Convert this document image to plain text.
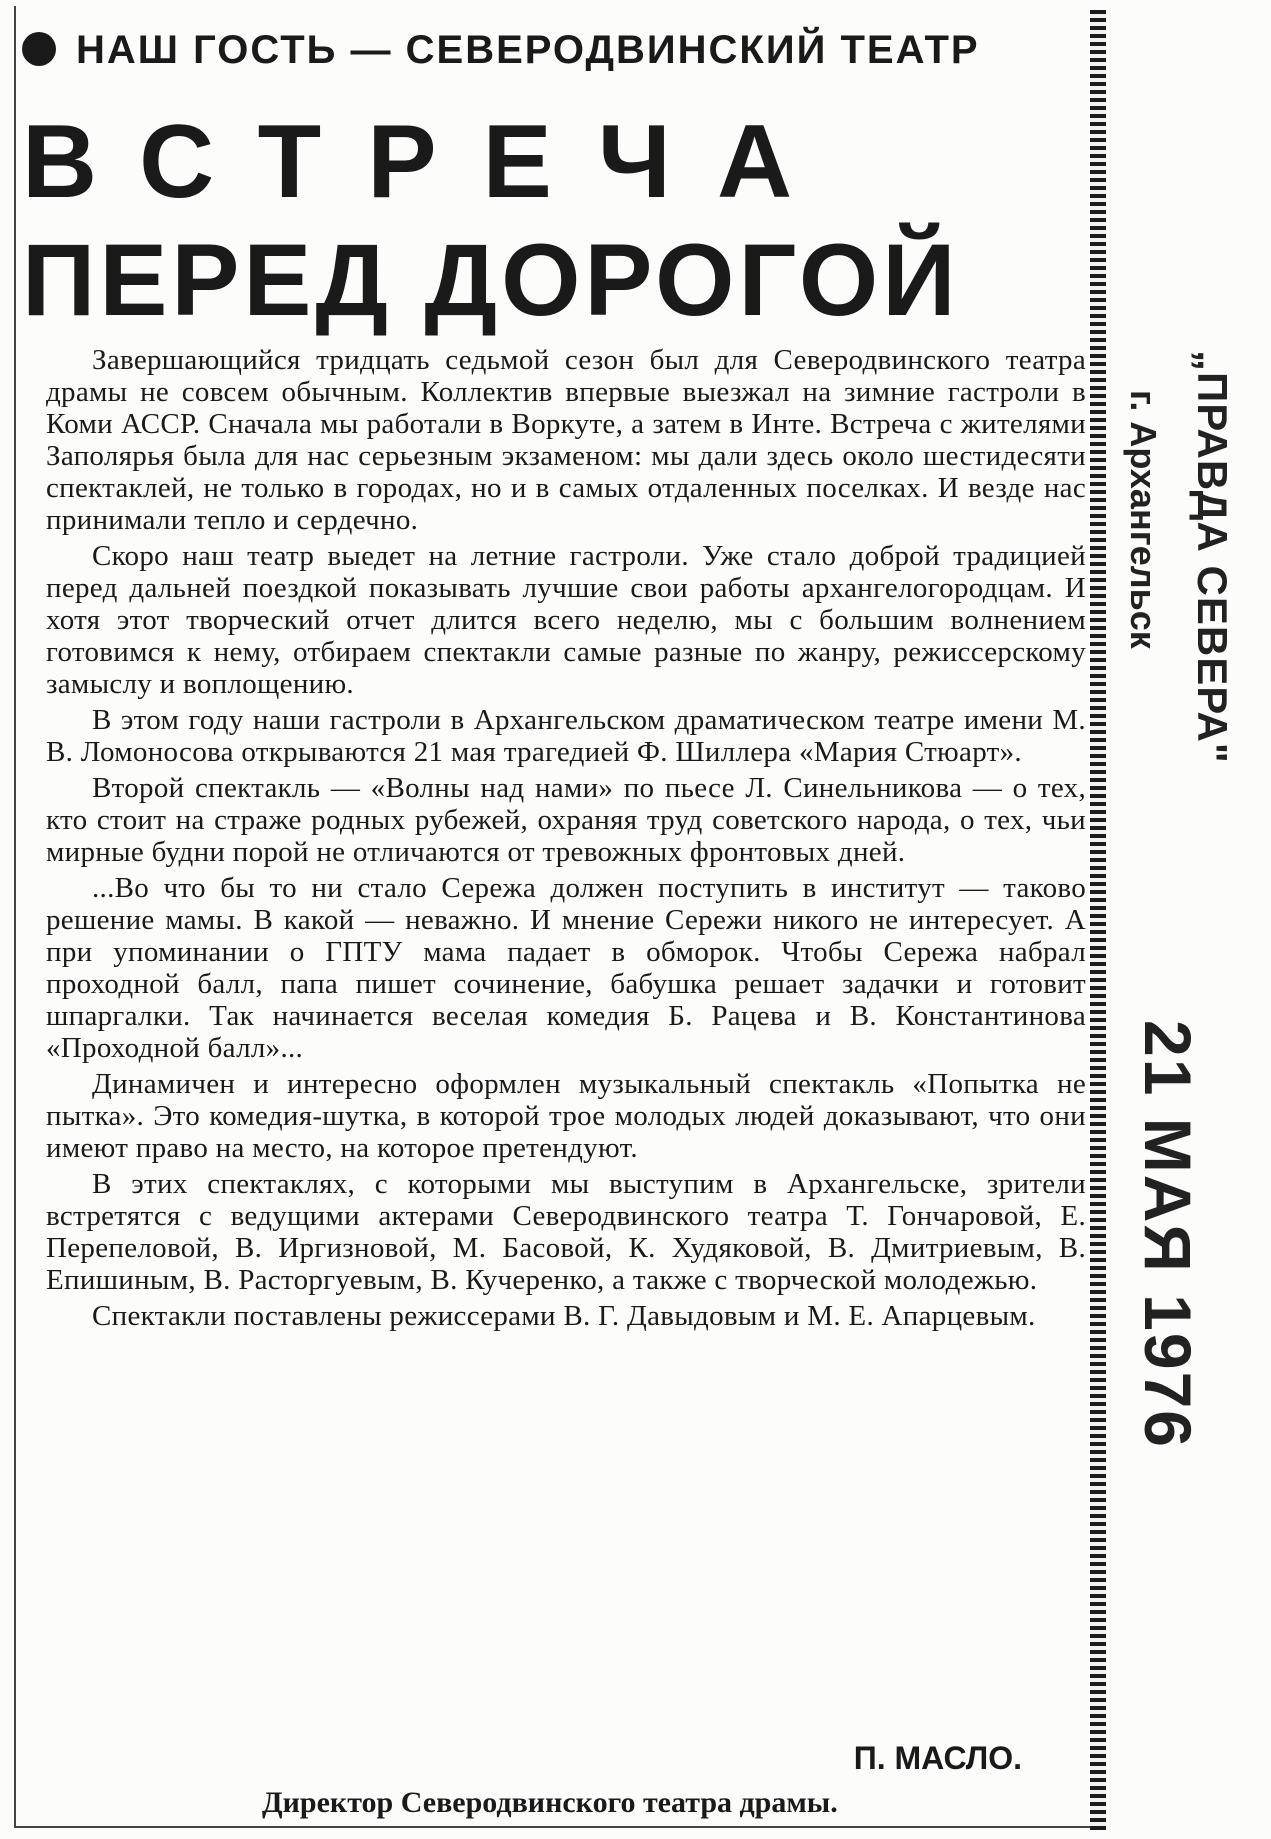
НАШ ГОСТЬ — СЕВЕРОДВИНСКИЙ ТЕАТР
ВСТРЕЧА
ПЕРЕД ДОРОГОЙ

Завершающийся тридцать седьмой сезон был для Северодвинского театра драмы не совсем обычным. Коллектив впервые выезжал на зимние гастроли в Коми АССР. Сначала мы работали в Воркуте, а затем в Инте. Встреча с жителями Заполярья была для нас серьезным экзаменом: мы дали здесь около шестидесяти спектаклей, не только в городах, но и в самых отдаленных поселках. И везде нас принимали тепло и сердечно.

Скоро наш театр выедет на летние гастроли. Уже стало доброй традицией перед дальней поездкой показывать лучшие свои работы архангелогородцам. И хотя этот творческий отчет длится всего неделю, мы с большим волнением готовимся к нему, отбираем спектакли самые разные по жанру, режиссерскому замыслу и воплощению.

В этом году наши гастроли в Архангельском драматическом театре имени М. В. Ломоносова открываются 21 мая трагедией Ф. Шиллера «Мария Стюарт».

Второй спектакль — «Волны над нами» по пьесе Л. Синельникова — о тех, кто стоит на страже родных рубежей, охраняя труд советского народа, о тех, чьи мирные будни порой не отличаются от тревожных фронтовых дней.

...Во что бы то ни стало Сережа должен поступить в институт — таково решение мамы. В какой — неважно. И мнение Сережи никого не интересует. А при упоминании о ГПТУ мама падает в обморок. Чтобы Сережа набрал проходной балл, папа пишет сочинение, бабушка решает задачки и готовит шпаргалки. Так начинается веселая комедия Б. Рацева и В. Константинова «Проходной балл»...

Динамичен и интересно оформлен музыкальный спектакль «Попытка не пытка». Это комедия-шутка, в которой трое молодых людей доказывают, что они имеют право на место, на которое претендуют.

В этих спектаклях, с которыми мы выступим в Архангельске, зрители встретятся с ведущими актерами Северодвинского театра Т. Гончаровой, Е. Перепеловой, В. Иргизновой, М. Басовой, К. Худяковой, В. Дмитриевым, В. Епишиным, В. Расторгуевым, В. Кучеренко, а также с творческой молодежью.

Спектакли поставлены режиссерами В. Г. Давыдовым и М. Е. Апарцевым.

П. МАСЛО.
Директор Северодвинского театра драмы.
„ПРАВДА СЕВЕРА"
г. Архангельск
21 МАЯ 1976
